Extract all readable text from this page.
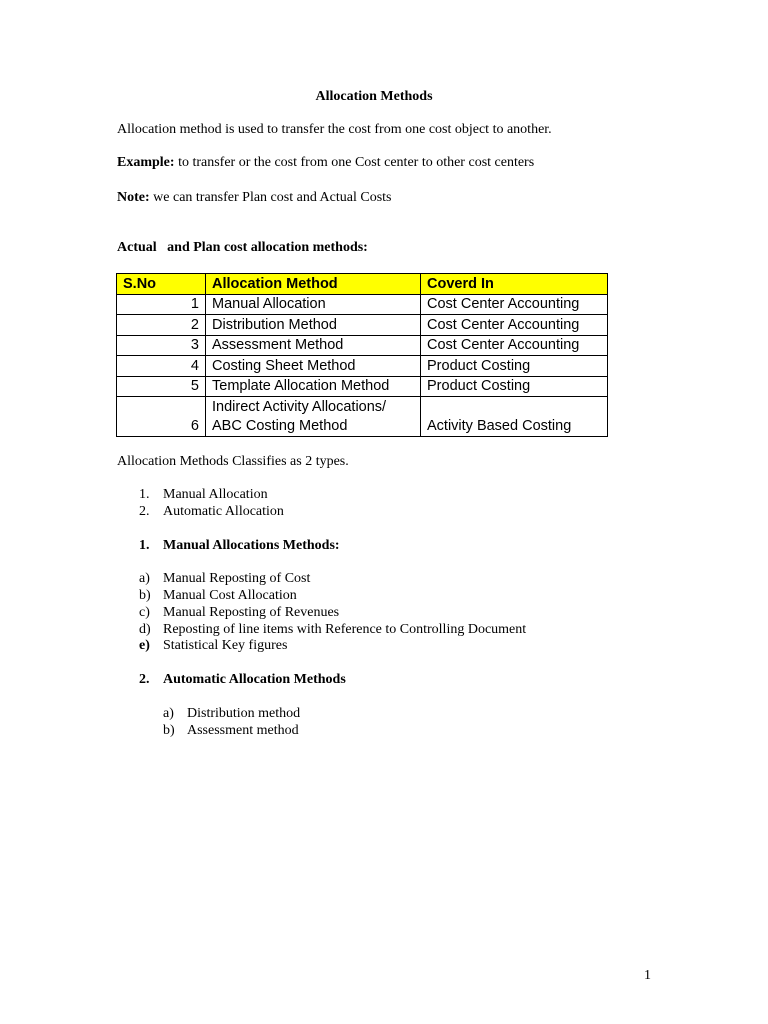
Allocation Methods
Allocation method is used to transfer the cost from one cost object to another.
Example: to transfer or the cost from one Cost center to other cost centers
Note: we can transfer Plan cost and Actual Costs
Actual   and Plan cost allocation methods:
S.No	Allocation Method	Coverd In
1	Manual Allocation	Cost Center Accounting
2	Distribution Method	Cost Center Accounting
3	Assessment Method	Cost Center Accounting
4	Costing Sheet Method	Product Costing
5	Template Allocation Method	Product Costing
6	Indirect Activity Allocations/
ABC Costing Method	Activity Based Costing
Allocation Methods Classifies as 2 types.
1. Manual Allocation
2. Automatic Allocation
1. Manual Allocations Methods:
a) Manual Reposting of Cost
b) Manual Cost Allocation
c) Manual Reposting of Revenues
d) Reposting of line items with Reference to Controlling Document
e) Statistical Key figures
2. Automatic Allocation Methods
a) Distribution method
b) Assessment method
1
